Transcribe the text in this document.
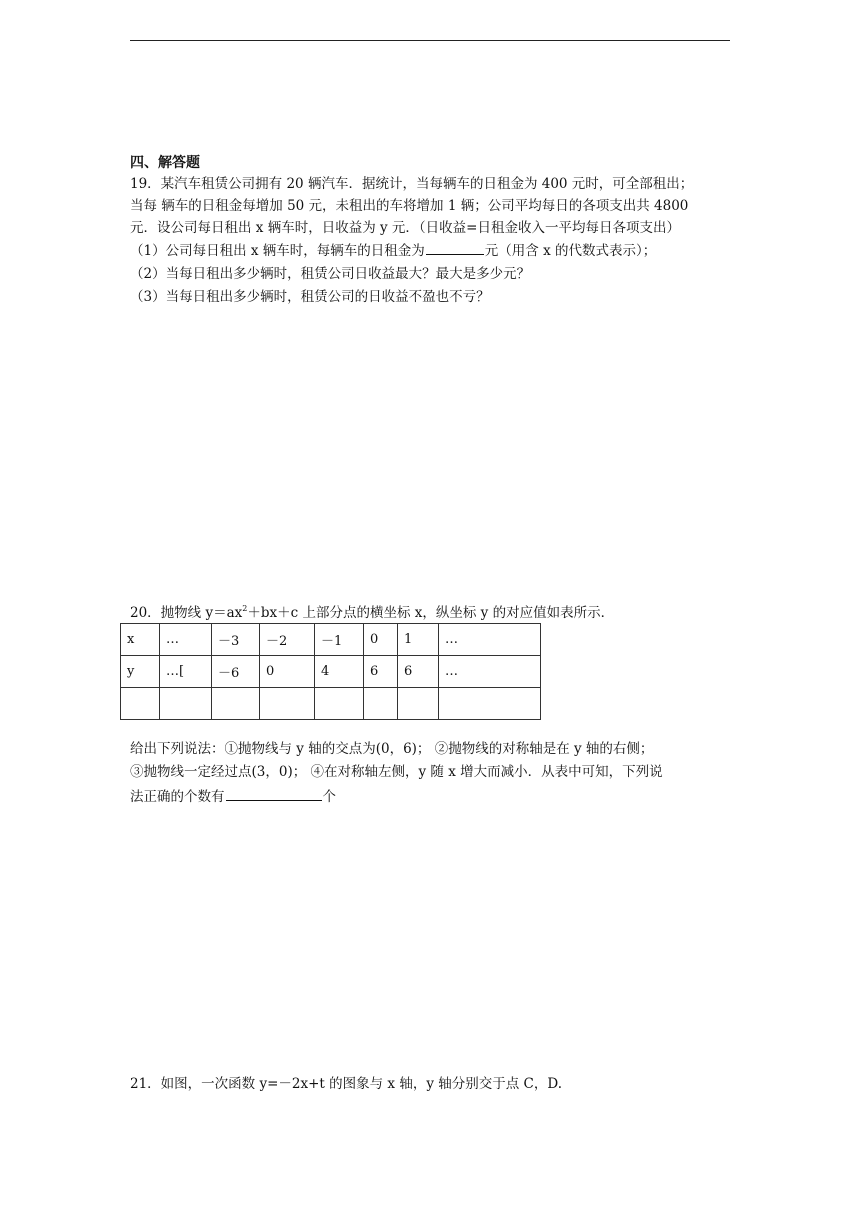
四、解答题
19．某汽车租赁公司拥有 20 辆汽车．据统计，当每辆车的日租金为 400 元时，可全部租出；
当每 辆车的日租金每增加 50 元，未租出的车将增加 1 辆；公司平均每日的各项支出共 4800
元．设公司每日租出 x 辆车时，日收益为 y 元．（日收益=日租金收入一平均每日各项支出）
（1）公司每日租出 x 辆车时，每辆车的日租金为	元（用含 x 的代数式表示）；
（2）当每日租出多少辆时，租赁公司日收益最大？最大是多少元？
（3）当每日租出多少辆时，租赁公司的日收益不盈也不亏？
20．抛物线 $y=ax^2+bx+c$ 上部分点的横坐标 x，纵坐标 y 的对应值如表所示．
x	…	－3	－2	－1	0	1	…
y	…[	－6	0	4	6	6	…

给出下列说法：①抛物线与 y 轴的交点为(0，6)； ②抛物线的对称轴是在 y 轴的右侧；
③抛物线一定经过点(3，0)； ④在对称轴左侧，y 随 x 增大而减小．从表中可知，下列说
法正确的个数有	个
21．如图，一次函数 y=－2x+t 的图象与 x 轴，y 轴分别交于点 C，D.
